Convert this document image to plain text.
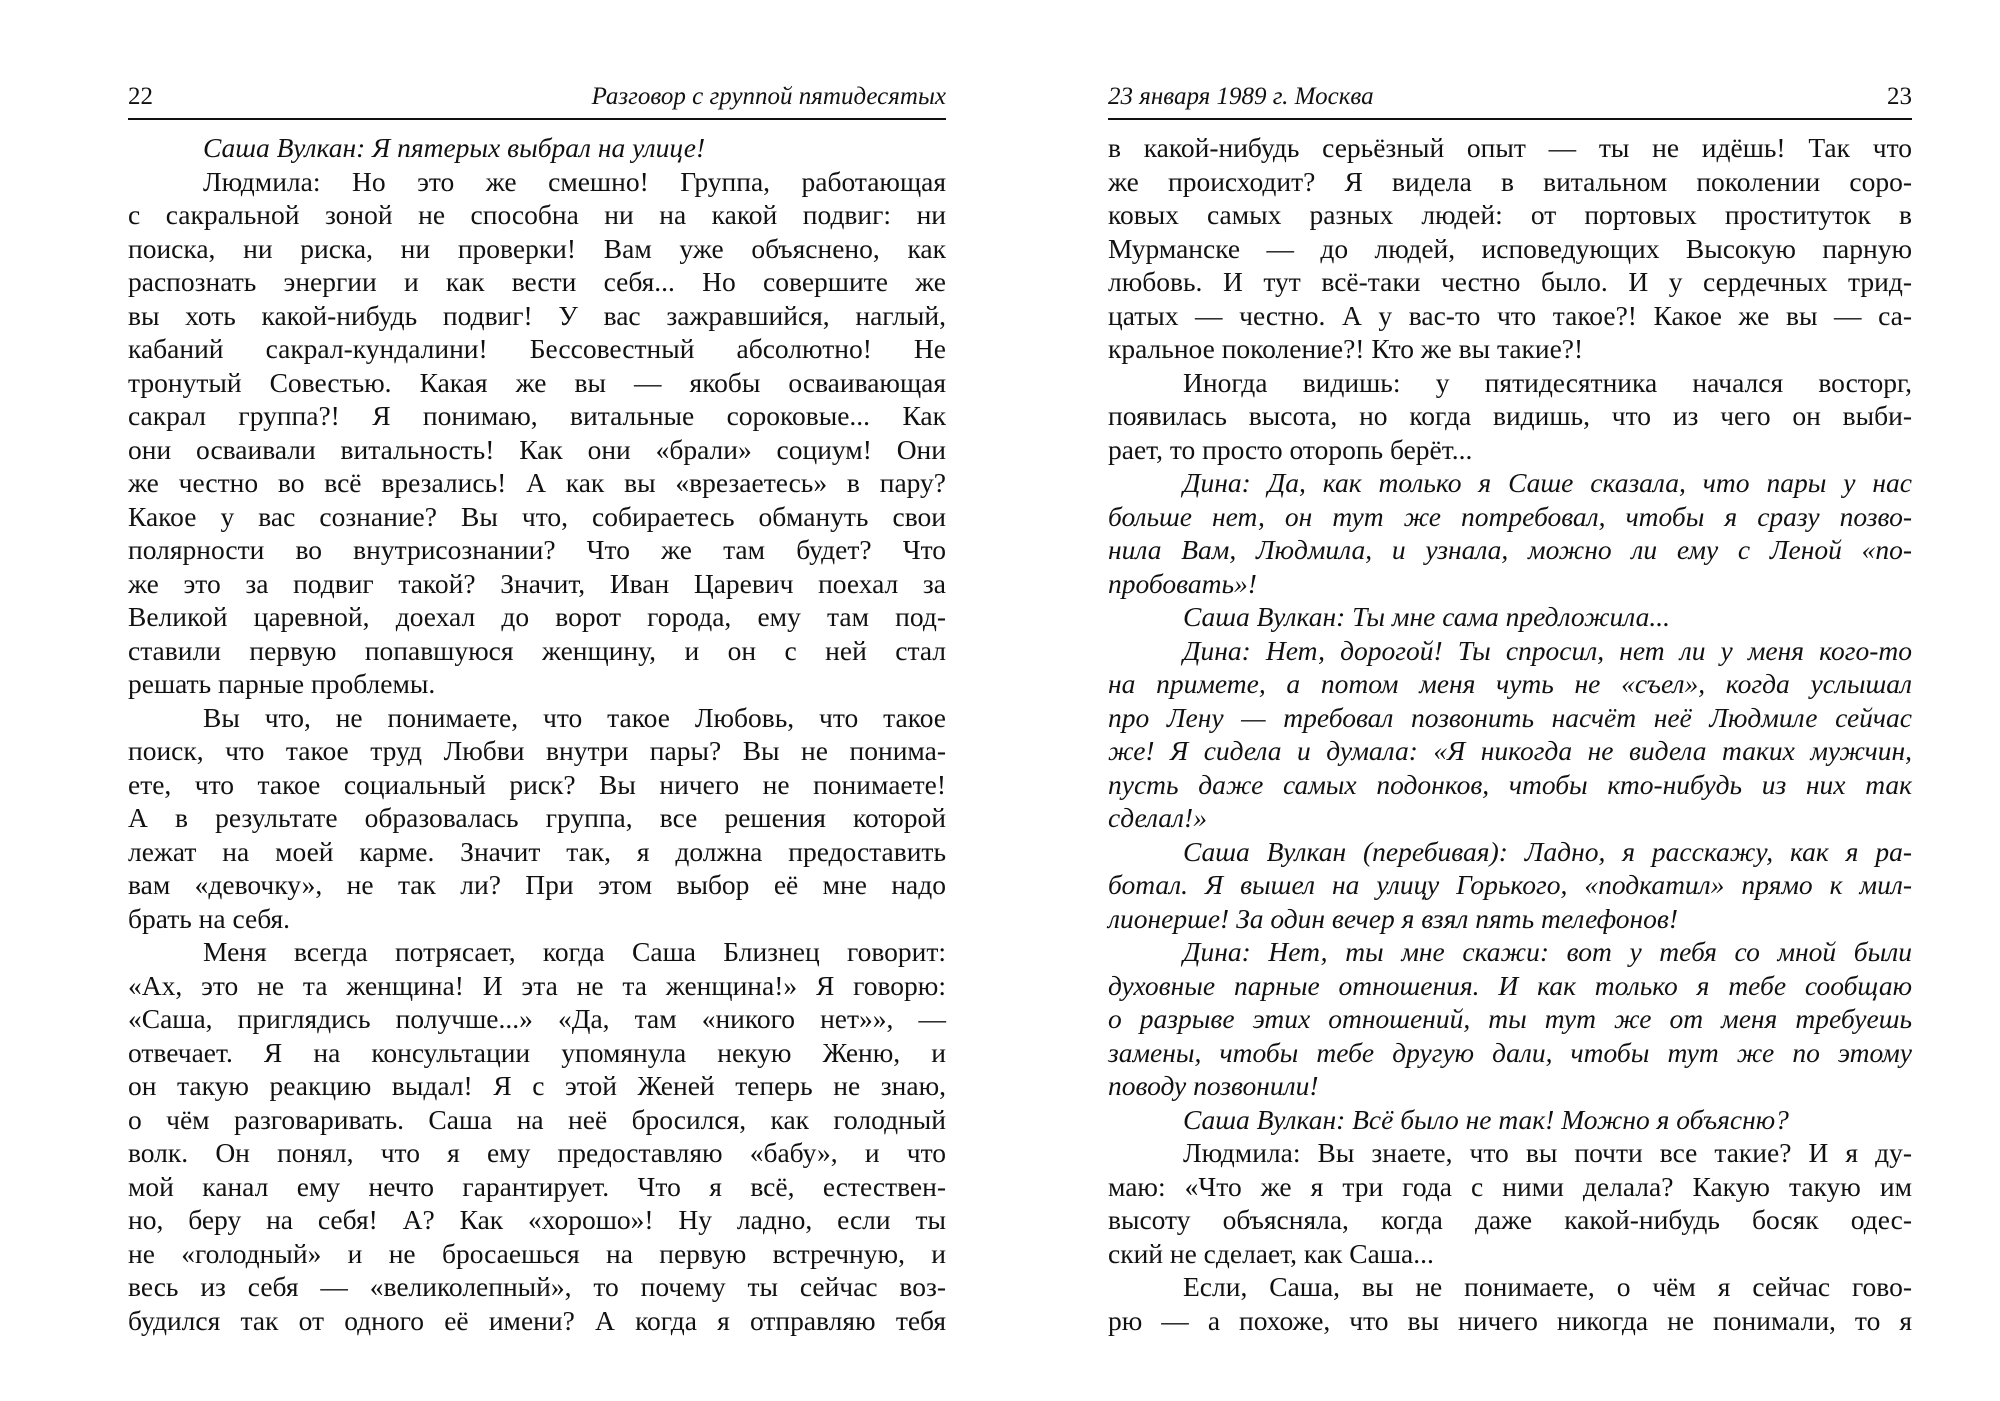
22	Разговор с группой пятидесятых
Саша Вулкан: Я пятерых выбрал на улице!
Людмила: Но это же смешно! Группа, работающая
с сакральной зоной не способна ни на какой подвиг: ни
поиска, ни риска, ни проверки! Вам уже объяснено, как
распознать энергии и как вести себя... Но совершите же
вы хоть какой-нибудь подвиг! У вас зажравшийся, наглый,
кабаний сакрал-кундалини! Бессовестный абсолютно! Не
тронутый Совестью. Какая же вы — якобы осваивающая
сакрал группа?! Я понимаю, витальные сороковые... Как
они осваивали витальность! Как они «брали» социум! Они
же честно во всё врезались! А как вы «врезаетесь» в пару?
Какое у вас сознание? Вы что, собираетесь обмануть свои
полярности во внутрисознании? Что же там будет? Что
же это за подвиг такой? Значит, Иван Царевич поехал за
Великой царевной, доехал до ворот города, ему там под-
ставили первую попавшуюся женщину, и он с ней стал
решать парные проблемы.
Вы что, не понимаете, что такое Любовь, что такое
поиск, что такое труд Любви внутри пары? Вы не понима-
ете, что такое социальный риск? Вы ничего не понимаете!
А в результате образовалась группа, все решения которой
лежат на моей карме. Значит так, я должна предоставить
вам «девочку», не так ли? При этом выбор её мне надо
брать на себя.
Меня всегда потрясает, когда Саша Близнец говорит:
«Ах, это не та женщина! И эта не та женщина!» Я говорю:
«Саша, приглядись получше...» «Да, там «никого нет»», —
отвечает. Я на консультации упомянула некую Женю, и
он такую реакцию выдал! Я с этой Женей теперь не знаю,
о чём разговаривать. Саша на неё бросился, как голодный
волк. Он понял, что я ему предоставляю «бабу», и что
мой канал ему нечто гарантирует. Что я всё, естествен-
но, беру на себя! А? Как «хорошо»! Ну ладно, если ты
не «голодный» и не бросаешься на первую встречную, и
весь из себя — «великолепный», то почему ты сейчас воз-
будился так от одного её имени? А когда я отправляю тебя
23 января 1989 г. Москва	23
в какой-нибудь серьёзный опыт — ты не идёшь! Так что
же происходит? Я видела в витальном поколении соро-
ковых самых разных людей: от портовых проституток в
Мурманске — до людей, исповедующих Высокую парную
любовь. И тут всё-таки честно было. И у сердечных трид-
цатых — честно. А у вас-то что такое?! Какое же вы — са-
кральное поколение?! Кто же вы такие?!
Иногда видишь: у пятидесятника начался восторг,
появилась высота, но когда видишь, что из чего он выби-
рает, то просто оторопь берёт...
Дина: Да, как только я Саше сказала, что пары у нас
больше нет, он тут же потребовал, чтобы я сразу позво-
нила Вам, Людмила, и узнала, можно ли ему с Леной «по-
пробовать»!
Саша Вулкан: Ты мне сама предложила...
Дина: Нет, дорогой! Ты спросил, нет ли у меня кого-то
на примете, а потом меня чуть не «съел», когда услышал
про Лену — требовал позвонить насчёт неё Людмиле сейчас
же! Я сидела и думала: «Я никогда не видела таких мужчин,
пусть даже самых подонков, чтобы кто-нибудь из них так
сделал!»
Саша Вулкан (перебивая): Ладно, я расскажу, как я ра-
ботал. Я вышел на улицу Горького, «подкатил» прямо к мил-
лионерше! За один вечер я взял пять телефонов!
Дина: Нет, ты мне скажи: вот у тебя со мной были
духовные парные отношения. И как только я тебе сообщаю
о разрыве этих отношений, ты тут же от меня требуешь
замены, чтобы тебе другую дали, чтобы тут же по этому
поводу позвонили!
Саша Вулкан: Всё было не так! Можно я объясню?
Людмила: Вы знаете, что вы почти все такие? И я ду-
маю: «Что же я три года с ними делала? Какую такую им
высоту объясняла, когда даже какой-нибудь босяк одес-
ский не сделает, как Саша...
Если, Саша, вы не понимаете, о чём я сейчас гово-
рю — а похоже, что вы ничего никогда не понимали, то я
